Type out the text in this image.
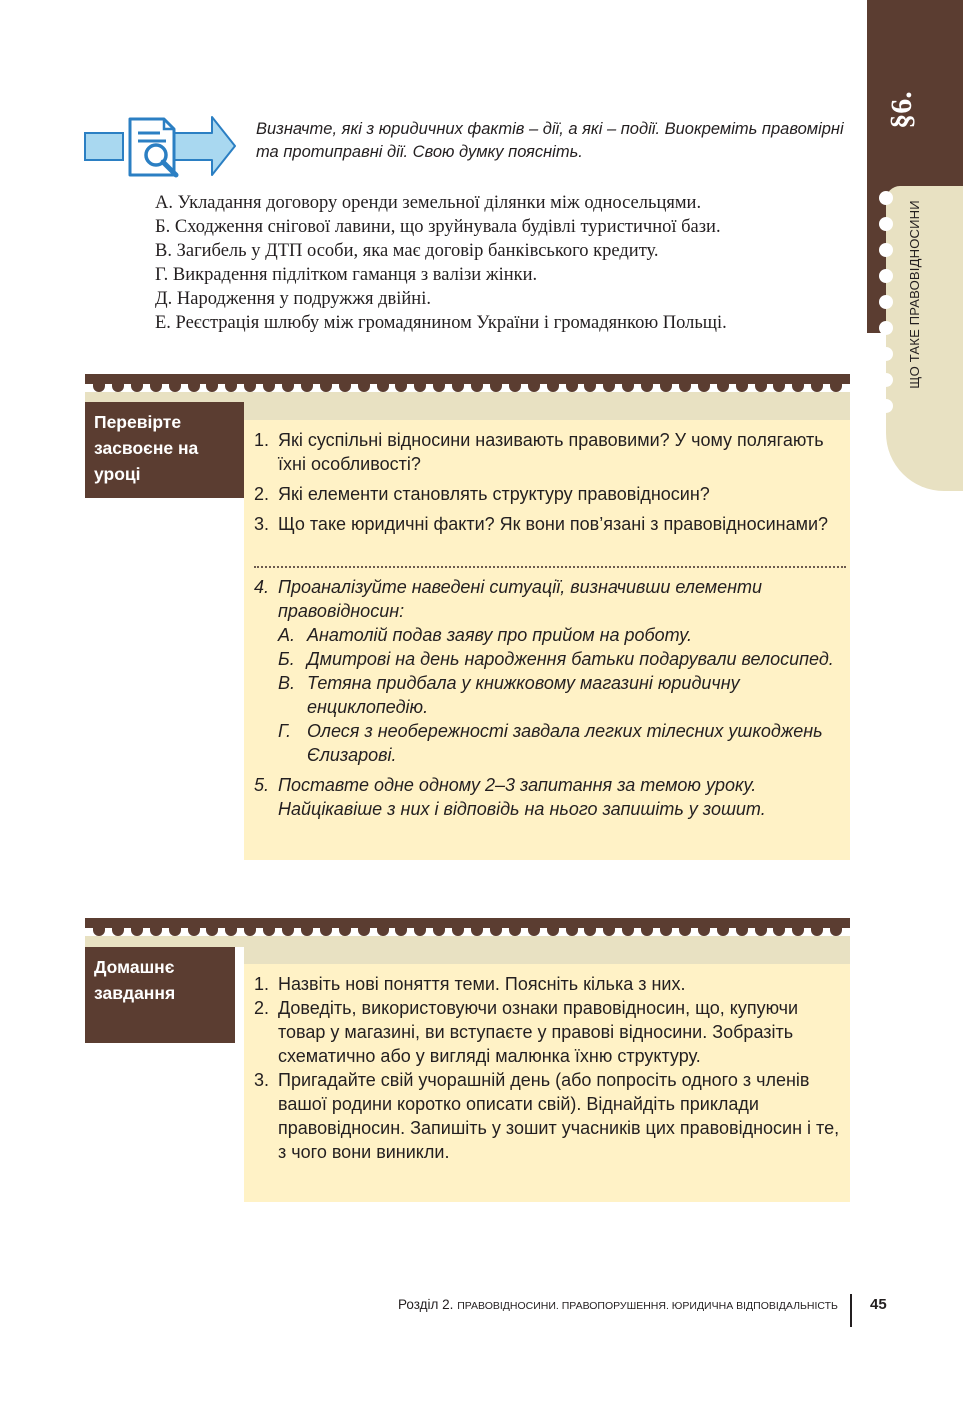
§6.
ЩО ТАКЕ ПРАВОВІДНОСИНИ
Визначте, які з юридичних фактів – дії, а які – події. Виокреміть правомірні та протиправні дії. Свою думку поясніть.
А. Укладання договору оренди земельної ділянки між односельцями.
Б. Сходження снігової лавини, що зруйнувала будівлі туристичної бази.
В. Загибель у ДТП особи, яка має договір банківського кредиту.
Г. Викрадення підлітком гаманця з валізи жінки.
Д. Народження у подружжя двійні.
Е. Реєстрація шлюбу між громадянином України і громадянкою Польщі.
Перевірте засвоєне на уроці
1. Які суспільні відносини називають правовими? У чому полягають їхні особливості?
2. Які елементи становлять структуру правовідносин?
3. Що таке юридичні факти? Як вони пов’язані з правовідносинами?
4. Проаналізуйте наведені ситуації, визначивши елементи правовідносин:
А. Анатолій подав заяву про прийом на роботу.
Б. Дмитрові на день народження батьки подарували велосипед.
В. Тетяна придбала у книжковому магазині юридичну енциклопедію.
Г. Олеся з необережності завдала легких тілесних ушкоджень Єлизарові.
5. Поставте одне одному 2–3 запитання за темою уроку. Найцікавіше з них і відповідь на нього запишіть у зошит.
Домашнє завдання	1. Назвіть нові поняття теми. Поясніть кілька з них.
2. Доведіть, використовуючи ознаки правовідносин, що, купуючи товар у магазині, ви вступаєте у правові відносини. Зобразіть схематично або у вигляді малюнка їхню структуру.
3. Пригадайте свій учорашній день (або попросіть одного з членів вашої родини коротко описати свій). Віднайдіть приклади правовідносин. Запишіть у зошит учасників цих правовідносин і те, з чого вони виникли.
Розділ 2. ПРАВОВІДНОСИНИ. ПРАВОПОРУШЕННЯ. ЮРИДИЧНА ВІДПОВІДАЛЬНІСТЬ 45
